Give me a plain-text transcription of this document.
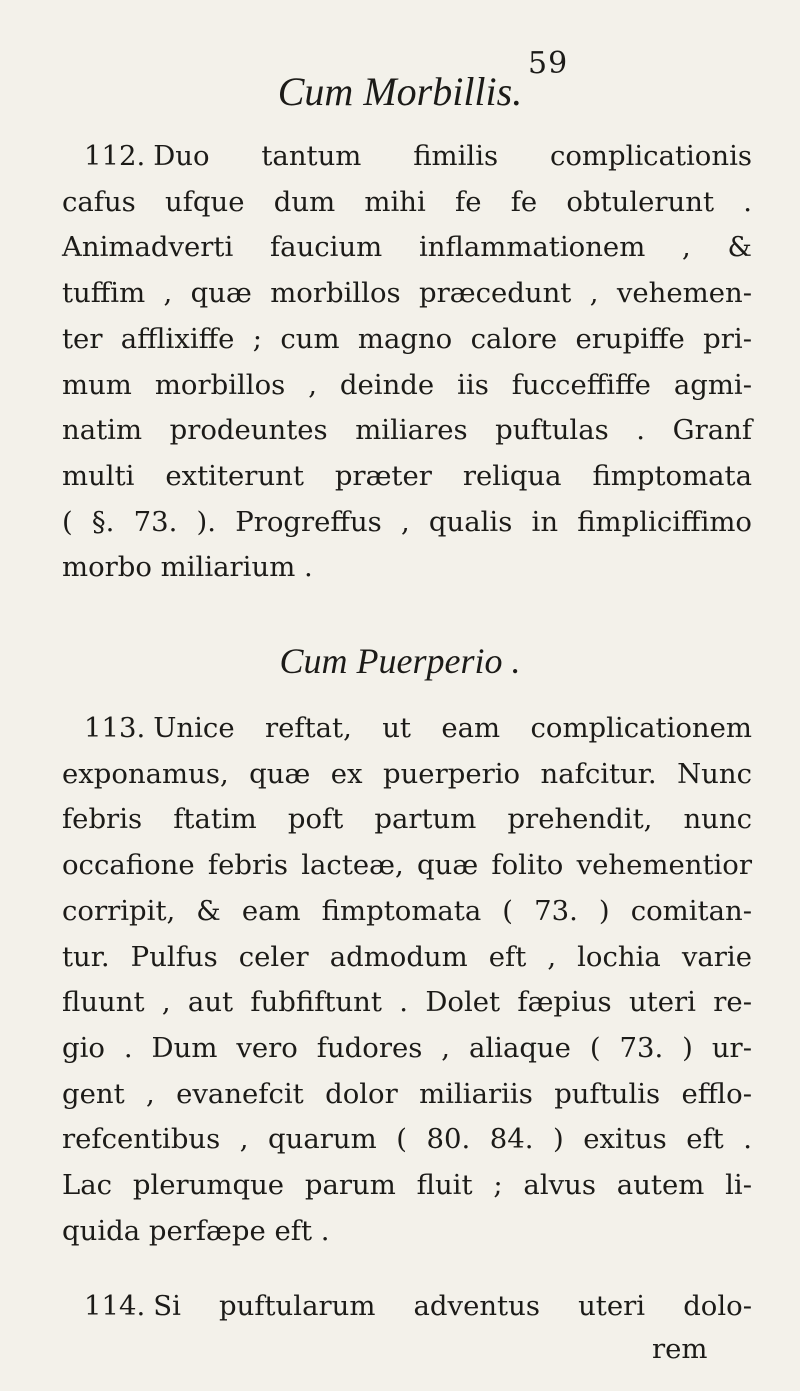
59
Cum Morbillis.

112. Duo tantum fimilis complicationis
cafus ufque dum mihi fe fe obtulerunt .
Animadverti faucium inflammationem , &
tuffim , quæ morbillos præcedunt , vehemen-
ter afflixiffe ; cum magno calore erupiffe pri-
mum morbillos , deinde iis fucceffiffe agmi-
natim prodeuntes miliares puftulas . Granf
multi extiterunt præter reliqua fimptomata
( §. 73. ). Progreffus , qualis in fimpliciffimo
morbo miliarium .

Cum Puerperio .

113. Unice reftat, ut eam complicationem
exponamus, quæ ex puerperio nafcitur. Nunc
febris ftatim poft partum prehendit, nunc
occafione febris lacteæ, quæ folito vehementior
corripit, & eam fimptomata ( 73. ) comitan-
tur. Pulfus celer admodum eft , lochia varie
fluunt , aut fubfiftunt . Dolet fæpius uteri re-
gio . Dum vero fudores , aliaque ( 73. ) ur-
gent , evanefcit dolor miliariis puftulis efflo-
refcentibus , quarum ( 80. 84. ) exitus eft .
Lac plerumque parum fluit ; alvus autem li-
quida perfæpe eft .

114. Si puftularum adventus uteri dolo-

rem
